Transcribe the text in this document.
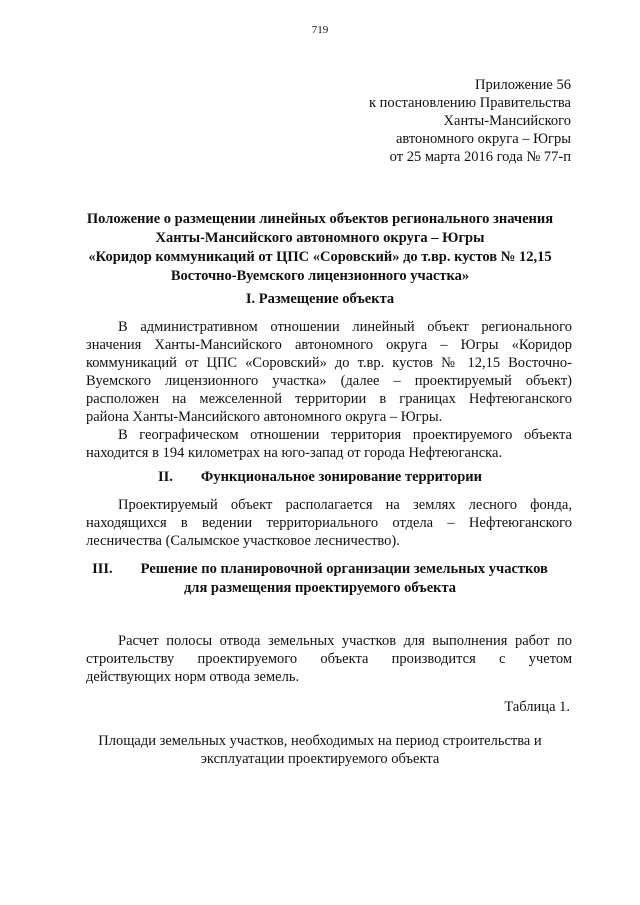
719
Приложение 56
к постановлению Правительства
Ханты-Мансийского
автономного округа – Югры
от 25 марта 2016 года № 77-п
Положение о размещении линейных объектов регионального значения
Ханты-Мансийского автономного округа – Югры
«Коридор коммуникаций от ЦПС «Соровский» до т.вр. кустов № 12,15
Восточно-Вуемского лицензионного участка»
I. Размещение объекта
В административном отношении линейный объект регионального
значения Ханты-Мансийского автономного округа – Югры «Коридор
коммуникаций от ЦПС «Соровский» до т.вр. кустов № 12,15 Восточно-
Вуемского лицензионного участка» (далее – проектируемый объект)
расположен на межселенной территории в границах Нефтеюганского
района Ханты-Мансийского автономного округа – Югры.
В географическом отношении территория проектируемого объекта
находится в 194 километрах на юго-запад от города Нефтеюганска.
II. Функциональное зонирование территории
Проектируемый объект располагается на землях лесного фонда,
находящихся в ведении территориального отдела – Нефтеюганского
лесничества (Салымское участковое лесничество).
III. Решение по планировочной организации земельных участков
для размещения проектируемого объекта
Расчет полосы отвода земельных участков для выполнения работ по
строительству проектируемого объекта производится с учетом
действующих норм отвода земель.
Таблица 1.
Площади земельных участков, необходимых на период строительства и
эксплуатации проектируемого объекта
